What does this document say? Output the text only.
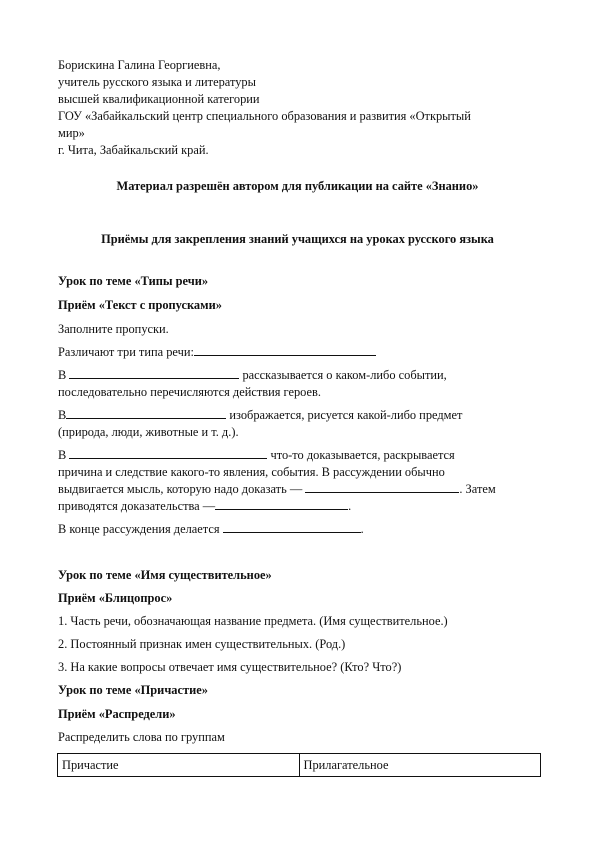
Борискина Галина Георгиевна,
учитель русского языка и литературы
высшей квалификационной категории
ГОУ «Забайкальский центр специального образования и развития «Открытый
мир»
г. Чита, Забайкальский край.
Материал разрешён автором для публикации на сайте «Знанио»
Приёмы для закрепления знаний учащихся на уроках русского языка
Урок по теме «Типы речи»
Приём «Текст с пропусками»
Заполните пропуски.
Различают три типа речи:
В	рассказывается о каком-либо событии,
последовательно перечисляются действия героев.
В	изображается, рисуется какой-либо предмет
(природа, люди, животные и т. д.).
В	что-то доказывается, раскрывается
причина и следствие какого-то явления, события. В рассуждении обычно
выдвигается мысль, которую надо доказать —	. Затем
приводятся доказательства —	.
В конце рассуждения делается	.
Урок по теме «Имя существительное»
Приём «Блицопрос»
1. Часть речи, обозначающая название предмета. (Имя существительное.)
2. Постоянный признак имен существительных. (Род.)
3. На какие вопросы отвечает имя существительное? (Кто? Что?)
Урок по теме «Причастие»
Приём «Распредели»
Распределить слова по группам
Причастие	Прилагательное
